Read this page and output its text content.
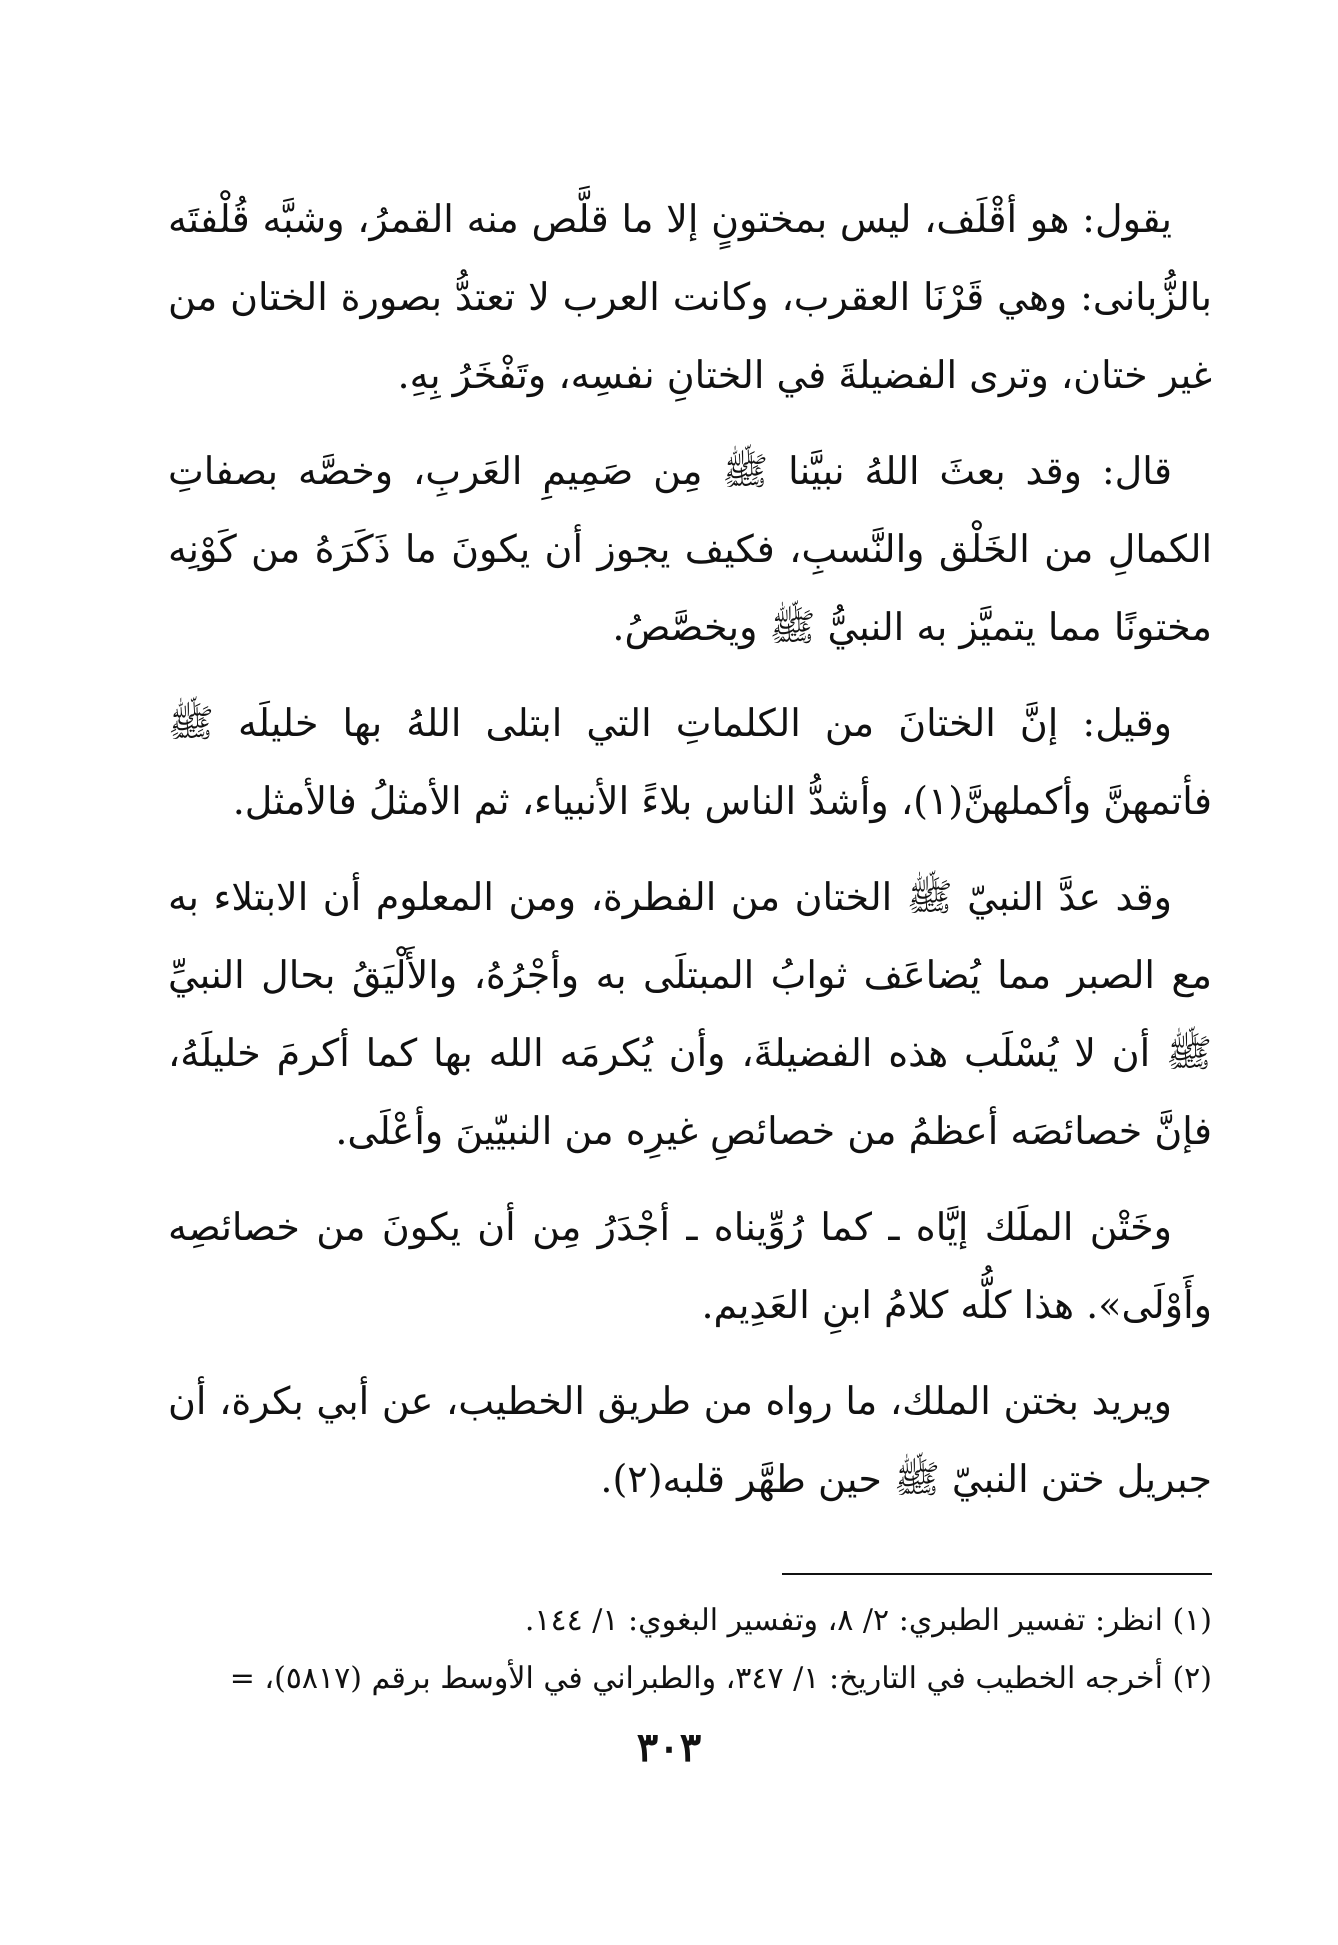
يقول: هو أقْلَف، ليس بمختونٍ إلا ما قلَّص منه القمرُ، وشبَّه قُلْفتَه بالزُّبانى: وهي قَرْنَا العقرب، وكانت العرب لا تعتدُّ بصورة الختان من غير ختان، وترى الفضيلةَ في الختانِ نفسِه، وتَفْخَرُ بِهِ.

قال: وقد بعثَ اللهُ نبيَّنا ﷺ مِن صَمِيمِ العَربِ، وخصَّه بصفاتِ الكمالِ من الخَلْق والنَّسبِ، فكيف يجوز أن يكونَ ما ذَكَرَهُ من كَوْنِه مختونًا مما يتميَّز به النبيُّ ﷺ ويخصَّصُ.

وقيل: إنَّ الختانَ من الكلماتِ التي ابتلى اللهُ بها خليلَه ﷺ فأتمهنَّ وأكملهنَّ(١)، وأشدُّ الناس بلاءً الأنبياء، ثم الأمثلُ فالأمثل.

وقد عدَّ النبيّ ﷺ الختان من الفطرة، ومن المعلوم أن الابتلاء به مع الصبر مما يُضاعَف ثوابُ المبتلَى به وأجْرُهُ، والأَلْيَقُ بحال النبيِّ ﷺ أن لا يُسْلَب هذه الفضيلةَ، وأن يُكرمَه الله بها كما أكرمَ خليلَهُ، فإنَّ خصائصَه أعظمُ من خصائصِ غيرِه من النبيّينَ وأعْلَى.

وخَتْن الملَك إيَّاه ـ كما رُوِّيناه ـ أجْدَرُ مِن أن يكونَ من خصائصِه وأَوْلَى». هذا كلُّه كلامُ ابنِ العَدِيم.

ويريد بختن الملك، ما رواه من طريق الخطيب، عن أبي بكرة، أن جبريل ختن النبيّ ﷺ حين طهَّر قلبه(٢).

(١) انظر: تفسير الطبري: ٢/ ٨، وتفسير البغوي: ١/ ١٤٤.

(٢) أخرجه الخطيب في التاريخ: ١/ ٣٤٧، والطبراني في الأوسط برقم (٥٨١٧)، =

٣٠٣
